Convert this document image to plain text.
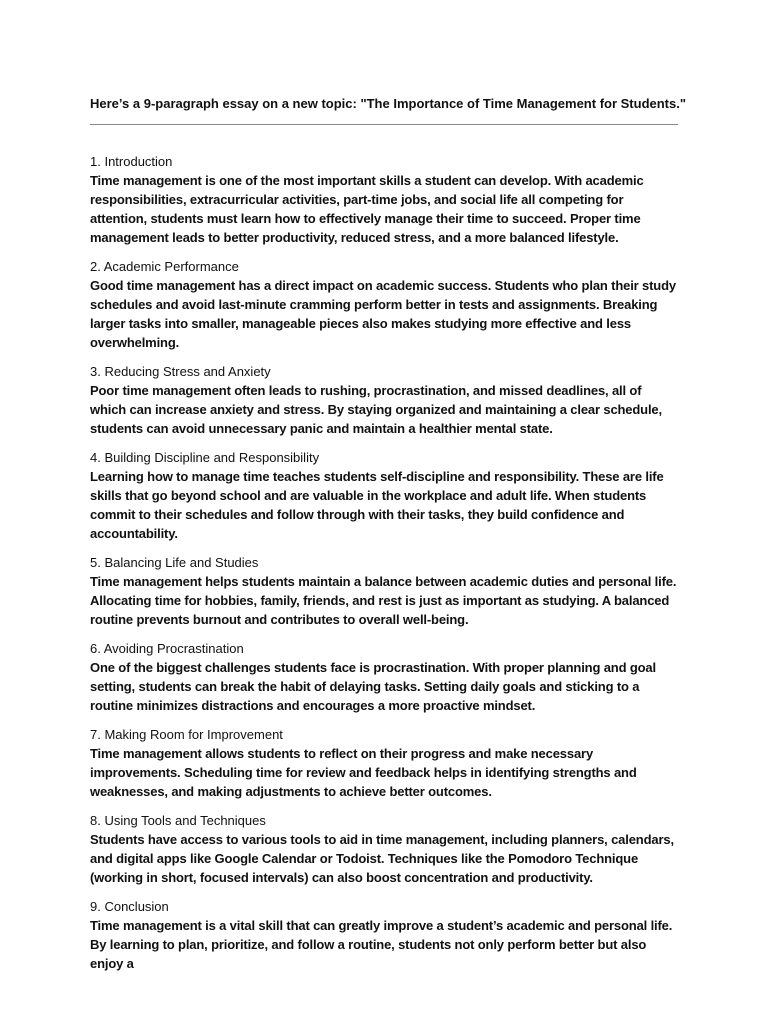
Here’s a 9-paragraph essay on a new topic: "The Importance of Time Management for Students."

1. Introduction

Time management is one of the most important skills a student can develop. With academic responsibilities, extracurricular activities, part-time jobs, and social life all competing for attention, students must learn how to effectively manage their time to succeed. Proper time management leads to better productivity, reduced stress, and a more balanced lifestyle.

2. Academic Performance

Good time management has a direct impact on academic success. Students who plan their study schedules and avoid last-minute cramming perform better in tests and assignments. Breaking larger tasks into smaller, manageable pieces also makes studying more effective and less overwhelming.

3. Reducing Stress and Anxiety

Poor time management often leads to rushing, procrastination, and missed deadlines, all of which can increase anxiety and stress. By staying organized and maintaining a clear schedule, students can avoid unnecessary panic and maintain a healthier mental state.

4. Building Discipline and Responsibility

Learning how to manage time teaches students self-discipline and responsibility. These are life skills that go beyond school and are valuable in the workplace and adult life. When students commit to their schedules and follow through with their tasks, they build confidence and accountability.

5. Balancing Life and Studies

Time management helps students maintain a balance between academic duties and personal life. Allocating time for hobbies, family, friends, and rest is just as important as studying. A balanced routine prevents burnout and contributes to overall well-being.

6. Avoiding Procrastination

One of the biggest challenges students face is procrastination. With proper planning and goal setting, students can break the habit of delaying tasks. Setting daily goals and sticking to a routine minimizes distractions and encourages a more proactive mindset.

7. Making Room for Improvement

Time management allows students to reflect on their progress and make necessary improvements. Scheduling time for review and feedback helps in identifying strengths and weaknesses, and making adjustments to achieve better outcomes.

8. Using Tools and Techniques

Students have access to various tools to aid in time management, including planners, calendars, and digital apps like Google Calendar or Todoist. Techniques like the Pomodoro Technique (working in short, focused intervals) can also boost concentration and productivity.

9. Conclusion

Time management is a vital skill that can greatly improve a student’s academic and personal life. By learning to plan, prioritize, and follow a routine, students not only perform better but also enjoy a
